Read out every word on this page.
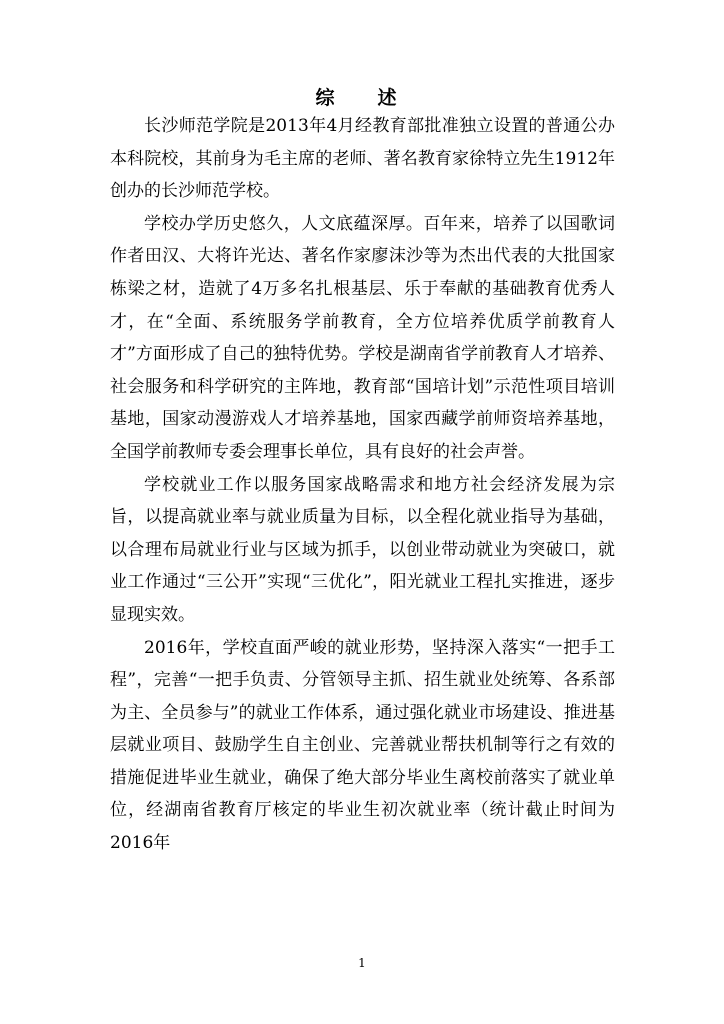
综　述

长沙师范学院是2013年4月经教育部批准独立设置的普通公办本科院校，其前身为毛主席的老师、著名教育家徐特立先生1912年创办的长沙师范学校。

学校办学历史悠久，人文底蕴深厚。百年来，培养了以国歌词作者田汉、大将许光达、著名作家廖沫沙等为杰出代表的大批国家栋梁之材，造就了4万多名扎根基层、乐于奉献的基础教育优秀人才，在“全面、系统服务学前教育，全方位培养优质学前教育人才”方面形成了自己的独特优势。学校是湖南省学前教育人才培养、社会服务和科学研究的主阵地，教育部“国培计划”示范性项目培训基地，国家动漫游戏人才培养基地，国家西藏学前师资培养基地，全国学前教师专委会理事长单位，具有良好的社会声誉。

学校就业工作以服务国家战略需求和地方社会经济发展为宗旨，以提高就业率与就业质量为目标，以全程化就业指导为基础，以合理布局就业行业与区域为抓手，以创业带动就业为突破口，就业工作通过“三公开”实现“三优化”，阳光就业工程扎实推进，逐步显现实效。

2016年，学校直面严峻的就业形势，坚持深入落实“一把手工程”，完善“一把手负责、分管领导主抓、招生就业处统筹、各系部为主、全员参与”的就业工作体系，通过强化就业市场建设、推进基层就业项目、鼓励学生自主创业、完善就业帮扶机制等行之有效的措施促进毕业生就业，确保了绝大部分毕业生离校前落实了就业单位，经湖南省教育厅核定的毕业生初次就业率（统计截止时间为2016年

1
